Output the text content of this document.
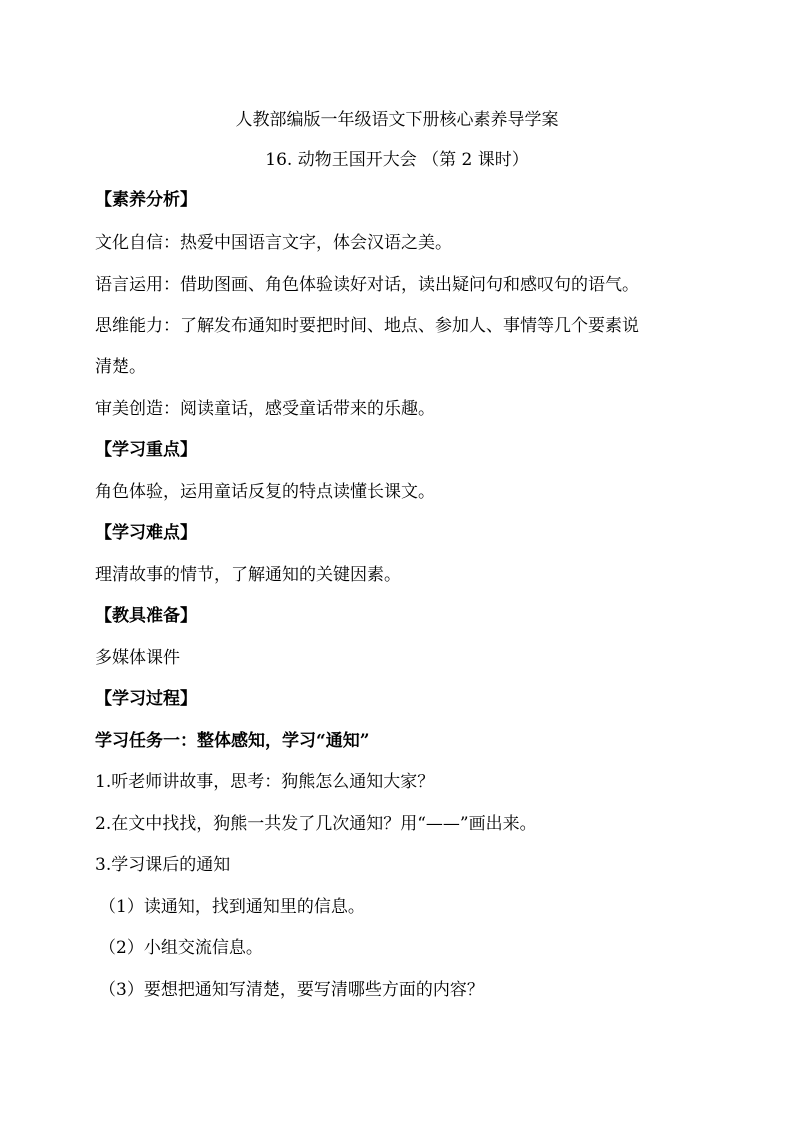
人教部编版一年级语文下册核心素养导学案
16. 动物王国开大会 （第 2 课时）
【素养分析】
文化自信：热爱中国语言文字，体会汉语之美。
语言运用：借助图画、角色体验读好对话，读出疑问句和感叹句的语气。
思维能力：了解发布通知时要把时间、地点、参加人、事情等几个要素说
清楚。
审美创造：阅读童话，感受童话带来的乐趣。
【学习重点】
角色体验，运用童话反复的特点读懂长课文。
【学习难点】
理清故事的情节，了解通知的关键因素。
【教具准备】
多媒体课件
【学习过程】
学习任务一：整体感知，学习“通知”
1.听老师讲故事，思考：狗熊怎么通知大家？
2.在文中找找，狗熊一共发了几次通知？用“——”画出来。
3.学习课后的通知
（1）读通知，找到通知里的信息。
（2）小组交流信息。
（3）要想把通知写清楚，要写清哪些方面的内容？
